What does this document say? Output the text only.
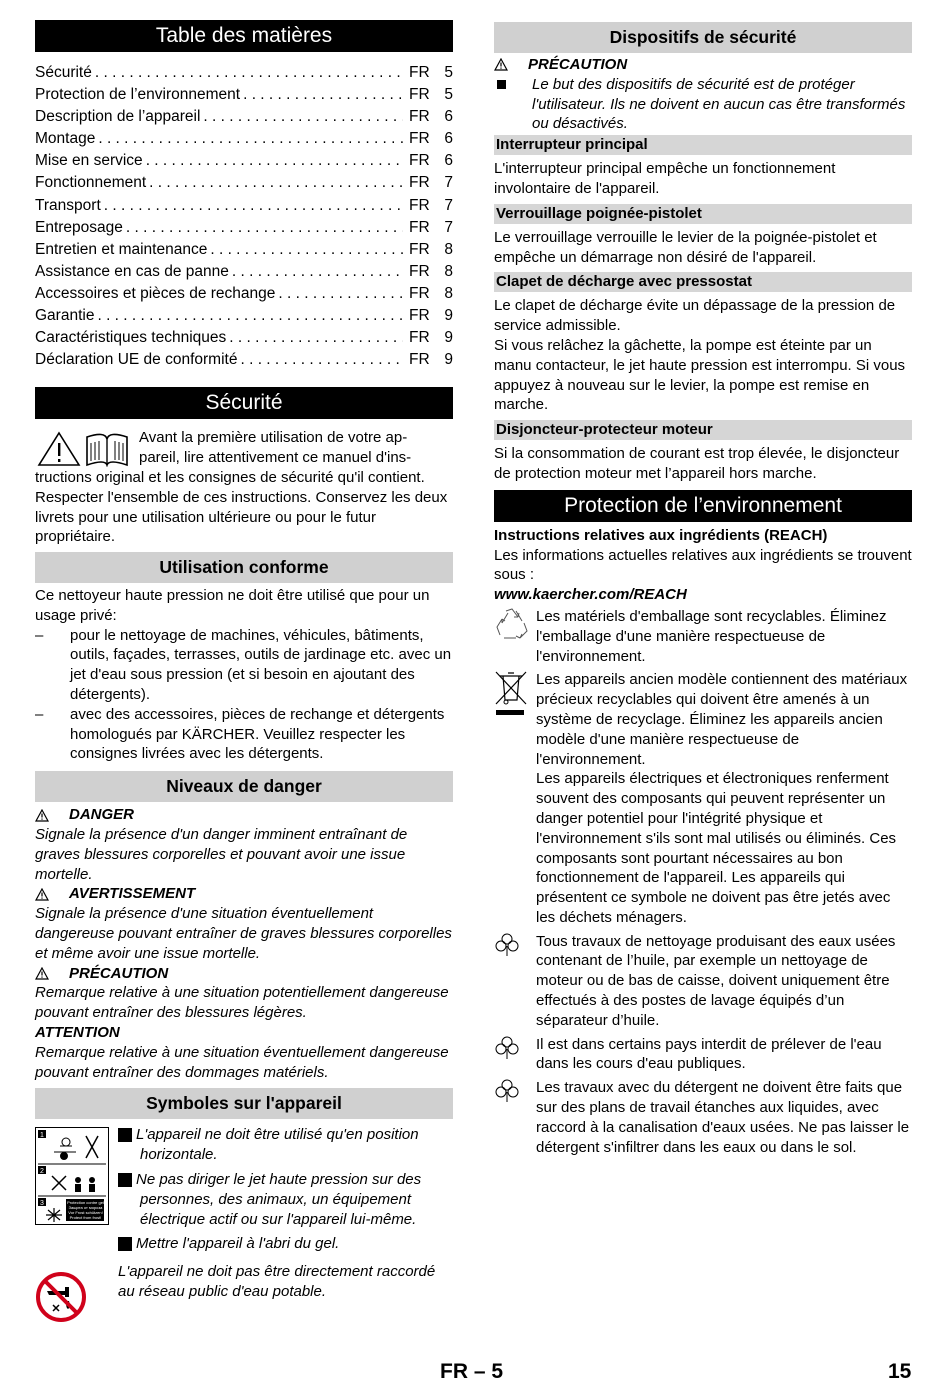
Table des matières
Sécurité . . .	FR 5
Protection de l’environnement . . .	FR 5
Description de l’appareil . . .	FR 6
Montage . . .	FR 6
Mise en service . . .	FR 6
Fonctionnement . . .	FR 7
Transport . . .	FR 7
Entreposage . . .	FR 7
Entretien et maintenance . . .	FR 8
Assistance en cas de panne . . .	FR 8
Accessoires et pièces de rechange . . .	FR 8
Garantie . . .	FR 9
Caractéristiques techniques . . .	FR 9
Déclaration UE de conformité . . .	FR 9
Sécurité

Avant la première utilisation de votre ap-

pareil, lire attentivement ce manuel d'ins-

tructions original et les consignes de sécurité qu'il contient. Respecter l'ensemble de ces instructions. Conservez les deux livrets pour une utilisation ultérieure ou pour le futur propriétaire.

Utilisation conforme

Ce nettoyeur haute pression ne doit être utilisé que pour un usage privé:

–	pour le nettoyage de machines, véhicules, bâtiments, outils, façades, terrasses, outils de jardinage etc. avec un jet d'eau sous pression (et si besoin en ajoutant des détergents).
–	avec des accessoires, pièces de rechange et détergents homologués par KÄRCHER. Veuillez respecter les consignes livrées avec les détergents.
Niveaux de danger
DANGER

Signale la présence d'un danger imminent entraînant de graves blessures corporelles et pouvant avoir une issue mortelle.

AVERTISSEMENT

Signale la présence d'une situation éventuellement dangereuse pouvant entraîner de graves blessures corporelles et même avoir une issue mortelle.

PRÉCAUTION

Remarque relative à une situation potentiellement dangereuse pouvant entraîner des blessures légères.

ATTENTION

Remarque relative à une situation éventuellement dangereuse pouvant entraîner des dommages matériels.

Symboles sur l'appareil
1
2
3	Protection contre gel
Защита от мороза
Vor Frost schützen!
Protect from frost!

1 L'appareil ne doit être utilisé qu'en position horizontale.

2 Ne pas diriger le jet haute pression sur des personnes, des animaux, un équipement électrique actif ou sur l'appareil lui-même.

3 Mettre l'appareil à l'abri du gel.

L'appareil ne doit pas être directement raccordé au réseau public d'eau potable.

Dispositifs de sécurité
PRÉCAUTION
Le but des dispositifs de sécurité est de protéger l'utilisateur. Ils ne doivent en aucun cas être transformés ou désactivés.
Interrupteur principal

L'interrupteur principal empêche un fonctionnement involontaire de l'appareil.

Verrouillage poignée-pistolet

Le verrouillage verrouille le levier de la poignée-pistolet et empêche un démarrage non désiré de l'appareil.

Clapet de décharge avec pressostat

Le clapet de décharge évite un dépassage de la pression de service admissible.

Si vous relâchez la gâchette, la pompe est éteinte par un manu contacteur, le jet haute pression est interrompu. Si vous appuyez à nouveau sur le levier, la pompe est remise en marche.

Disjoncteur-protecteur moteur

Si la consommation de courant est trop élevée, le disjoncteur de protection moteur met l’appareil hors marche.

Protection de l’environnement

Instructions relatives aux ingrédients (REACH)

Les informations actuelles relatives aux ingrédients se trouvent sous :

www.kaercher.com/REACH

Les matériels d'emballage sont recyclables. Éliminez l'emballage d'une manière respectueuse de l'environnement.

Les appareils ancien modèle contiennent des matériaux précieux recyclables qui doivent être amenés à un système de recyclage. Éliminez les appareils ancien modèle d'une manière respectueuse de l'environnement.

Les appareils électriques et électroniques renferment souvent des composants qui peuvent représenter un danger potentiel pour l'intégrité physique et l'environnement s'ils sont mal utilisés ou éliminés. Ces composants sont pourtant nécessaires au bon fonctionnement de l'appareil. Les appareils qui présentent ce symbole ne doivent pas être jetés avec les déchets ménagers.

Tous travaux de nettoyage produisant des eaux usées contenant de l’huile, par exemple un nettoyage de moteur ou de bas de caisse, doivent uniquement être effectués à des postes de lavage équipés d’un séparateur d’huile.

Il est dans certains pays interdit de prélever de l'eau dans les cours d'eau publiques.

Les travaux avec du détergent ne doivent être faits que sur des plans de travail étanches aux liquides, avec raccord à la canalisation d'eaux usées. Ne pas laisser le détergent s'infiltrer dans les eaux ou dans le sol.

FR – 5	15
